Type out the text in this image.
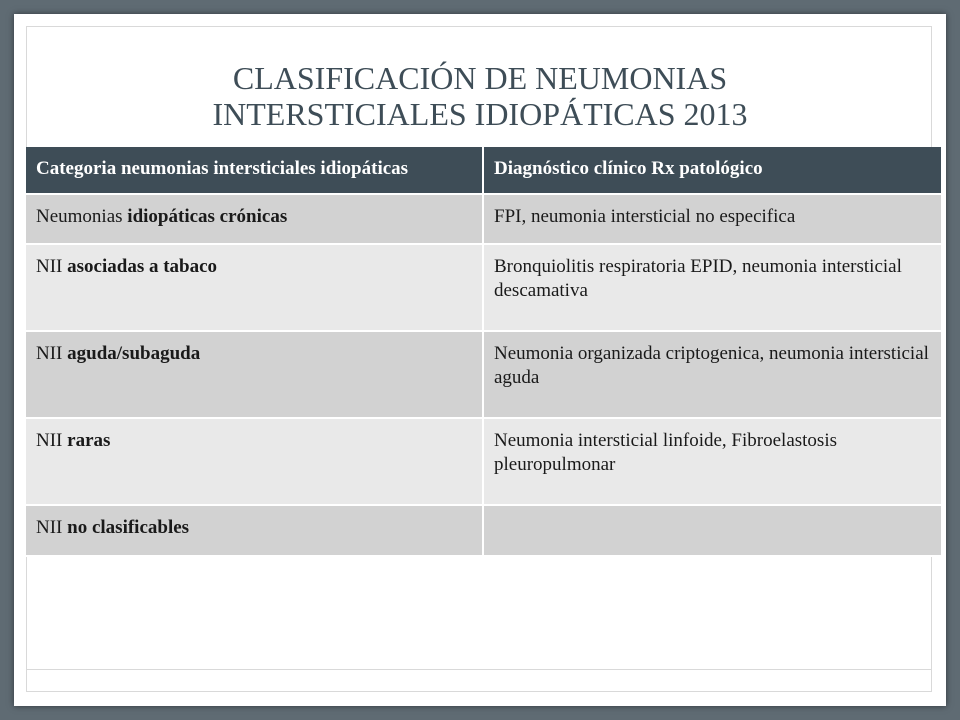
CLASIFICACIÓN DE NEUMONIAS
INTERSTICIALES IDIOPÁTICAS 2013
Categoria neumonias intersticiales idiopáticas	Diagnóstico clínico Rx patológico
Neumonias idiopáticas crónicas	FPI, neumonia intersticial no especifica
NII asociadas a tabaco	Bronquiolitis respiratoria EPID, neumonia intersticial descamativa
NII aguda/subaguda	Neumonia organizada criptogenica, neumonia intersticial aguda
NII raras	Neumonia intersticial linfoide, Fibroelastosis pleuropulmonar
NII no clasificables	
